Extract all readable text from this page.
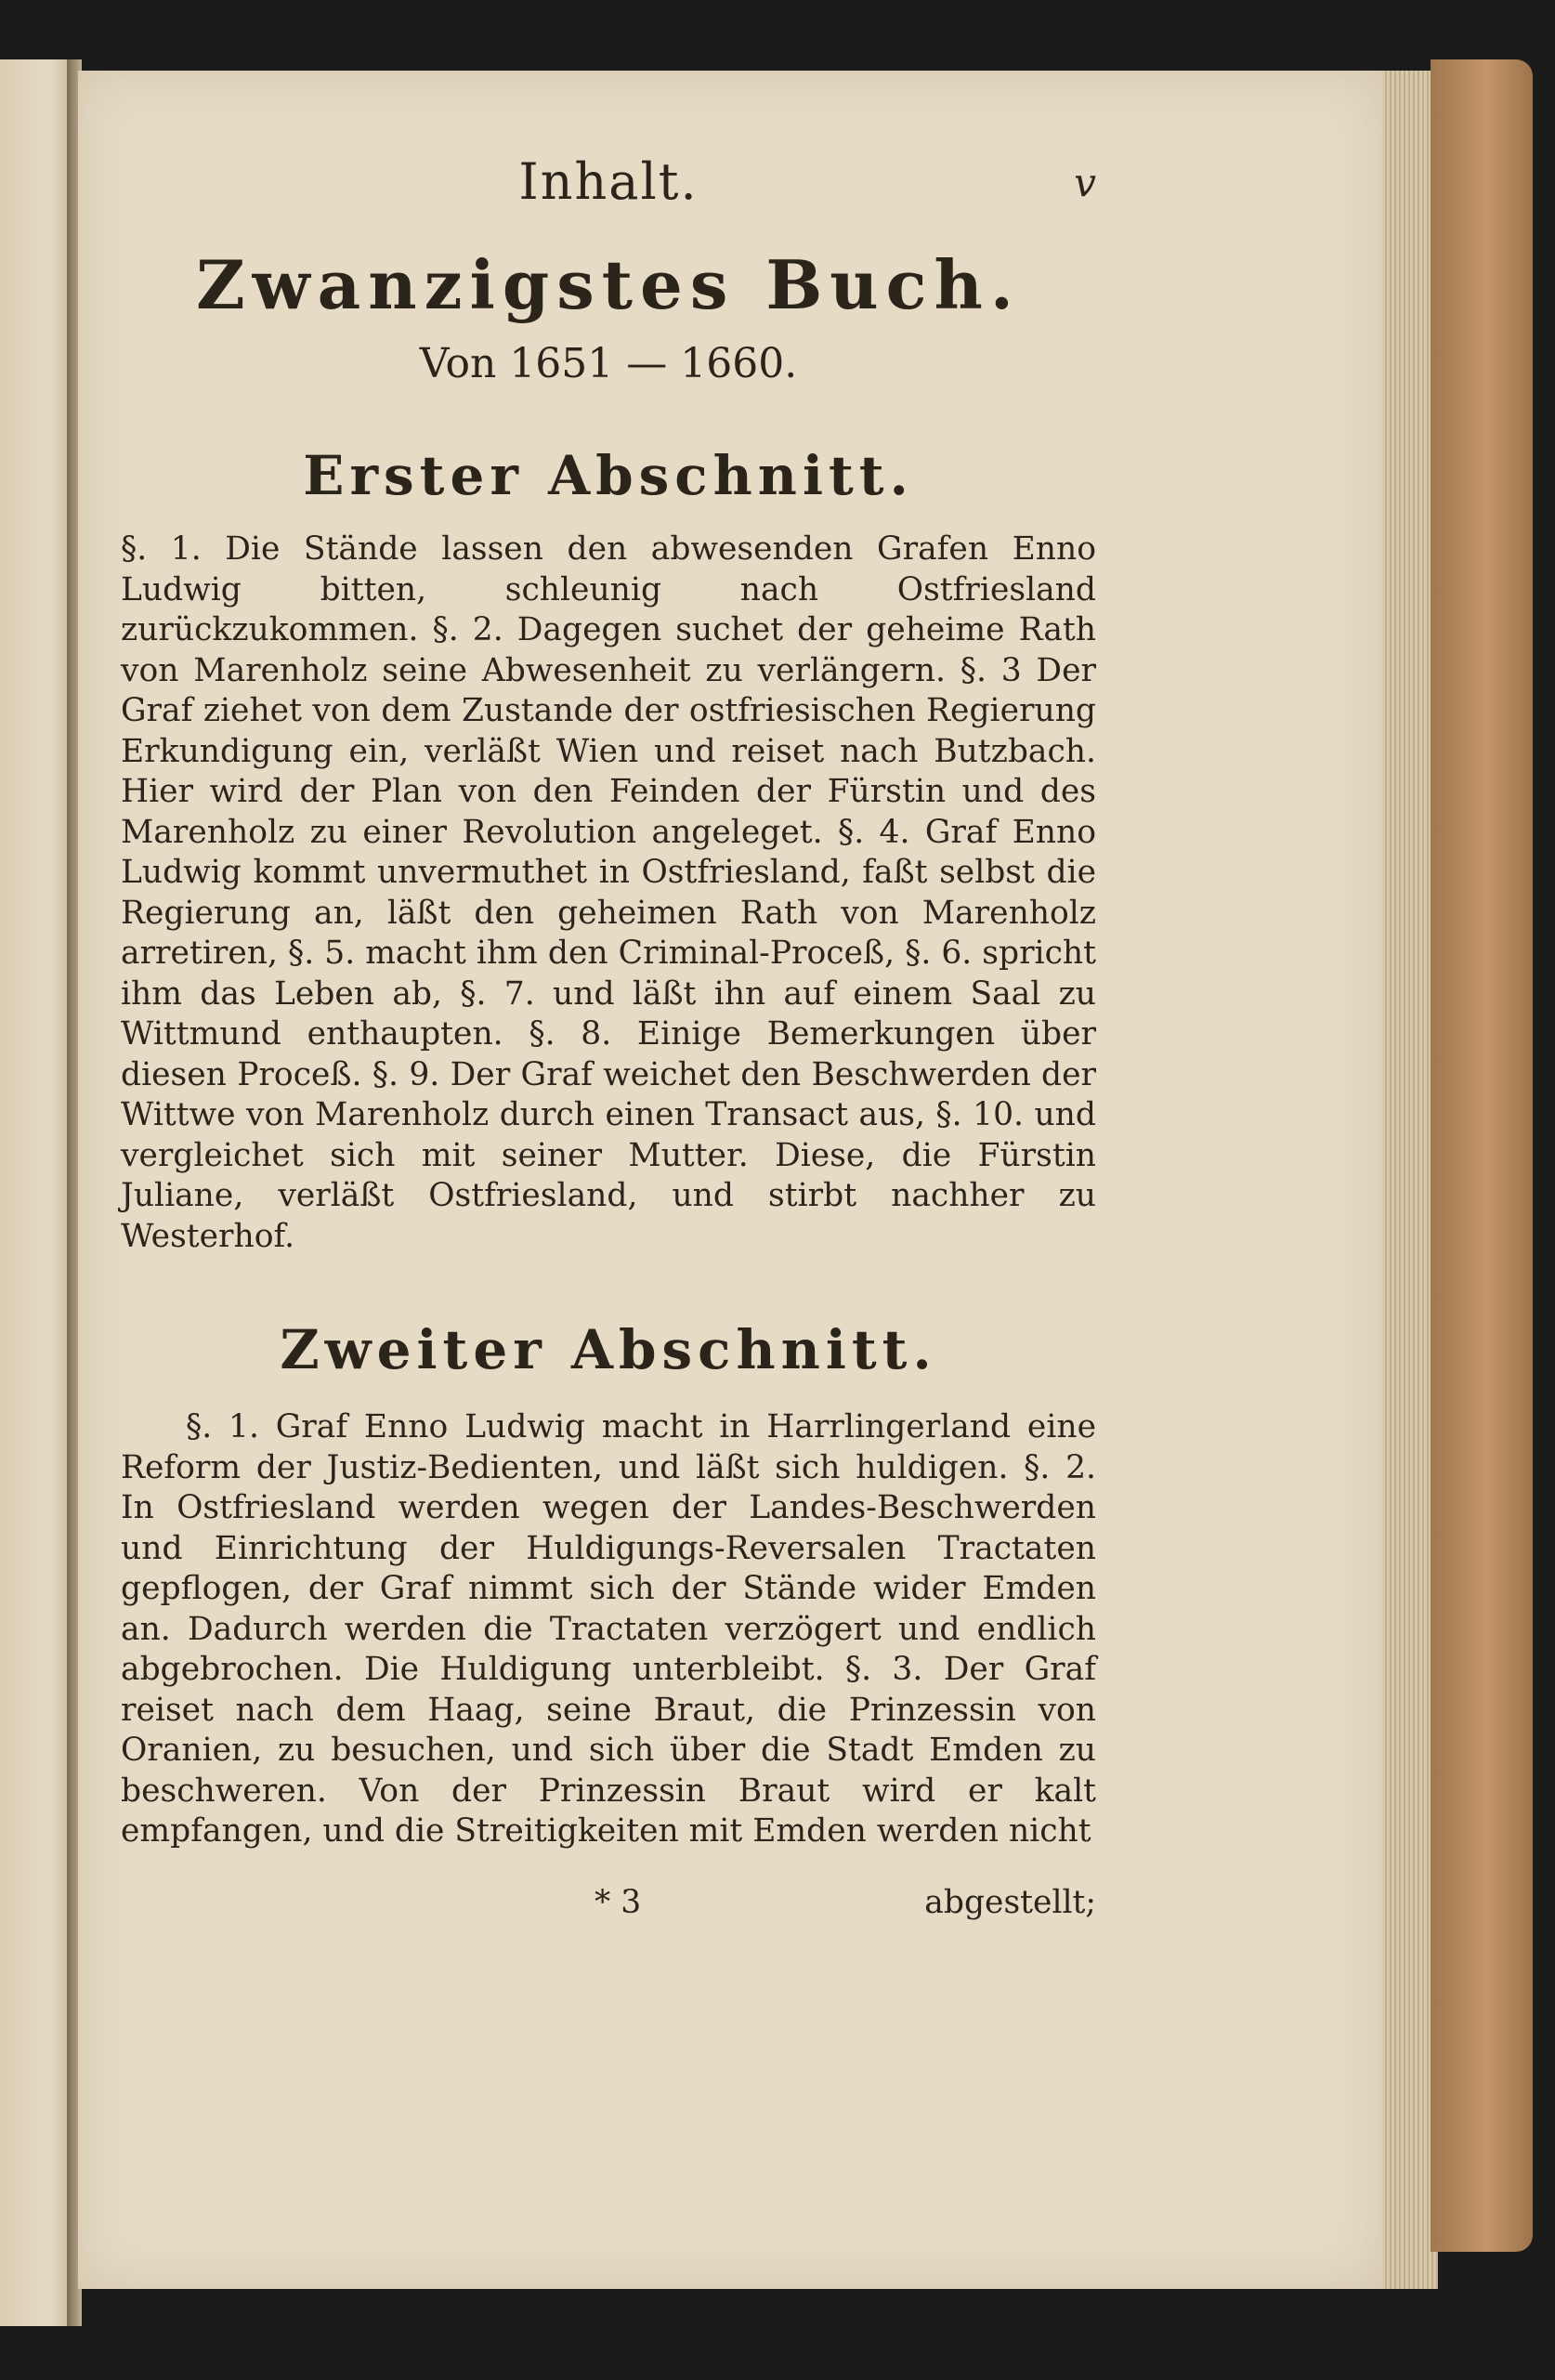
Inhalt.	v
Zwanzigstes Buch.
Von 1651 — 1660.
Erster Abschnitt.

§. 1. Die Stände lassen den abwesenden Grafen Enno Ludwig bitten, schleunig nach Ostfriesland zurückzukommen. §. 2. Dagegen suchet der geheime Rath von Marenholz seine Abwesenheit zu verlängern. §. 3 Der Graf ziehet von dem Zustande der ostfriesischen Regierung Erkundigung ein, verläßt Wien und reiset nach Butzbach. Hier wird der Plan von den Feinden der Fürstin und des Marenholz zu einer Revolution angeleget. §. 4. Graf Enno Ludwig kommt unvermuthet in Ostfriesland, faßt selbst die Regierung an, läßt den geheimen Rath von Marenholz arretiren, §. 5. macht ihm den Criminal-Proceß, §. 6. spricht ihm das Leben ab, §. 7. und läßt ihn auf einem Saal zu Wittmund enthaupten. §. 8. Einige Bemerkungen über diesen Proceß. §. 9. Der Graf weichet den Beschwerden der Wittwe von Marenholz durch einen Transact aus, §. 10. und vergleichet sich mit seiner Mutter. Diese, die Fürstin Juliane, verläßt Ostfriesland, und stirbt nachher zu Westerhof.

Zweiter Abschnitt.

§. 1. Graf Enno Ludwig macht in Harrlingerland eine Reform der Justiz-Bedienten, und läßt sich huldigen. §. 2. In Ostfriesland werden wegen der Landes-Beschwerden und Einrichtung der Huldigungs-Reversalen Tractaten gepflogen, der Graf nimmt sich der Stände wider Emden an. Dadurch werden die Tractaten verzögert und endlich abgebrochen. Die Huldigung unterbleibt. §. 3. Der Graf reiset nach dem Haag, seine Braut, die Prinzessin von Oranien, zu besuchen, und sich über die Stadt Emden zu beschweren. Von der Prinzessin Braut wird er kalt empfangen, und die Streitigkeiten mit Emden werden nicht

* 3	abgestellt;
